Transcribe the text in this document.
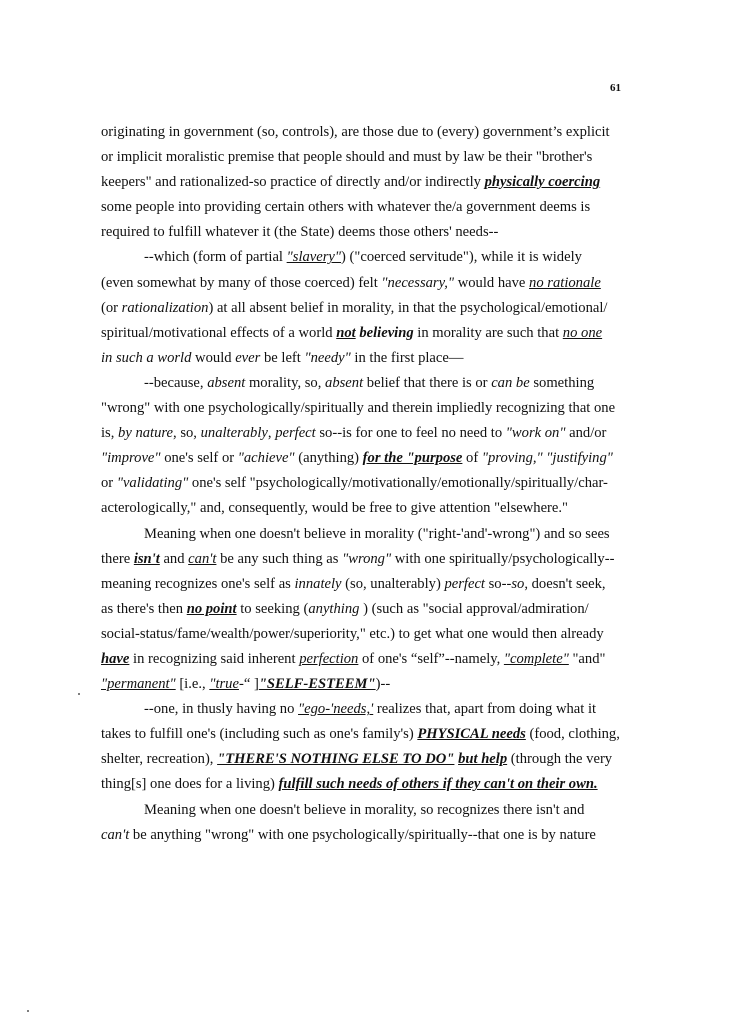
61
originating in government (so, controls), are those due to (every) government’s explicit
or implicit moralistic premise that people should and must by law be their "brother's
keepers" and rationalized-so practice of directly and/or indirectly physically coercing
some people into providing certain others with whatever the/a government deems is
required to fulfill whatever it (the State) deems those others' needs--
--which (form of partial "slavery") ("coerced servitude"), while it is widely
(even somewhat by many of those coerced) felt "necessary," would have no rationale
(or rationalization) at all absent belief in morality, in that the psychological/emotional/
spiritual/motivational effects of a world not believing in morality are such that no one
in such a world would ever be left "needy" in the first place—
--because, absent morality, so, absent belief that there is or can be something
"wrong" with one psychologically/spiritually and therein impliedly recognizing that one
is, by nature, so, unalterably, perfect so--is for one to feel no need to "work on" and/or
"improve" one's self or "achieve" (anything) for the "purpose of "proving," "justifying"
or "validating" one's self "psychologically/motivationally/emotionally/spiritually/char-
acterologically," and, consequently, would be free to give attention "elsewhere."
Meaning when one doesn't believe in morality ("right-'and'-wrong") and so sees
there isn't and can't be any such thing as "wrong" with one spiritually/psychologically--
meaning recognizes one's self as innately (so, unalterably) perfect so--so, doesn't seek,
as there's then no point to seeking (anything ) (such as "social approval/admiration/
social-status/fame/wealth/power/superiority," etc.) to get what one would then already
have in recognizing said inherent perfection of one's “self”--namely, "complete" "and"
"permanent" [i.e., "true-“ ]"SELF-ESTEEM")--
--one, in thusly having no "ego-'needs,' realizes that, apart from doing what it
takes to fulfill one's (including such as one's family's) PHYSICAL needs (food, clothing,
shelter, recreation), "THERE'S NOTHING ELSE TO DO" but help (through the very
thing[s] one does for a living) fulfill such needs of others if they can't on their own.
Meaning when one doesn't believe in morality, so recognizes there isn't and
can't be anything "wrong" with one psychologically/spiritually--that one is by nature
